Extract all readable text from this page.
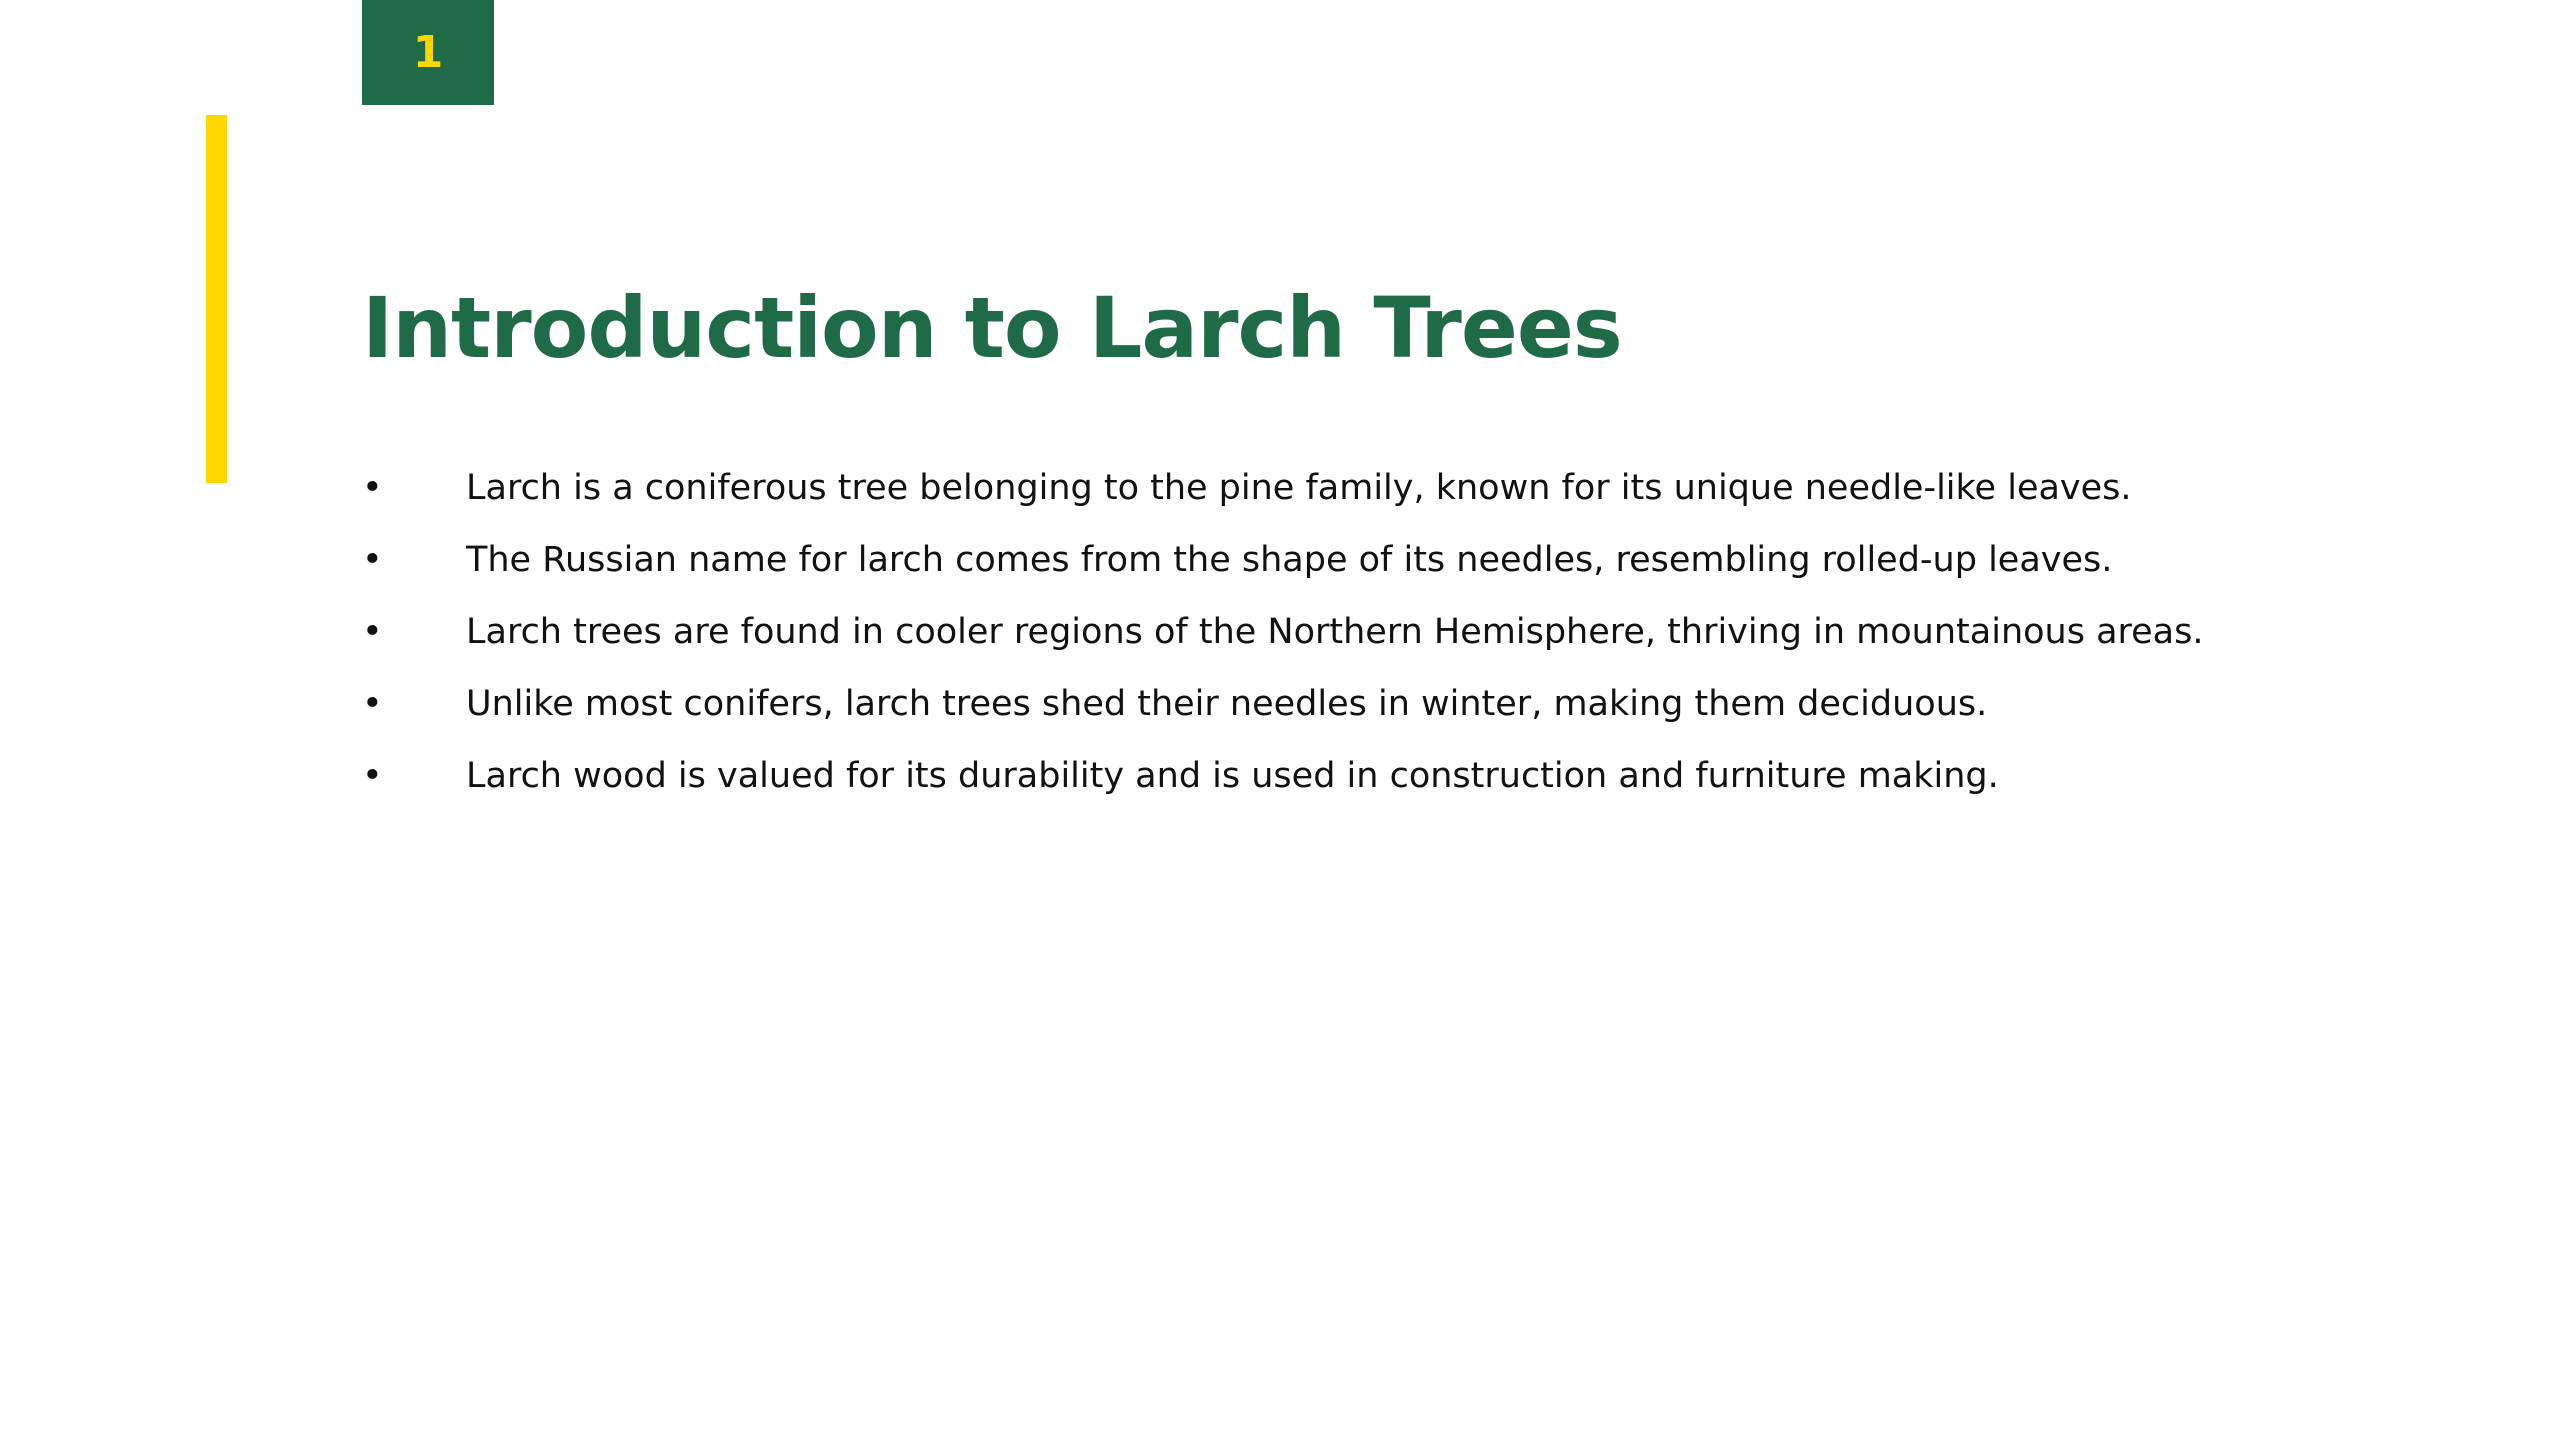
1
Introduction to Larch Trees
•	Larch is a coniferous tree belonging to the pine family, known for its unique needle-like leaves.
•	The Russian name for larch comes from the shape of its needles, resembling rolled-up leaves.
•	Larch trees are found in cooler regions of the Northern Hemisphere, thriving in mountainous areas.
•	Unlike most conifers, larch trees shed their needles in winter, making them deciduous.
•	Larch wood is valued for its durability and is used in construction and furniture making.
